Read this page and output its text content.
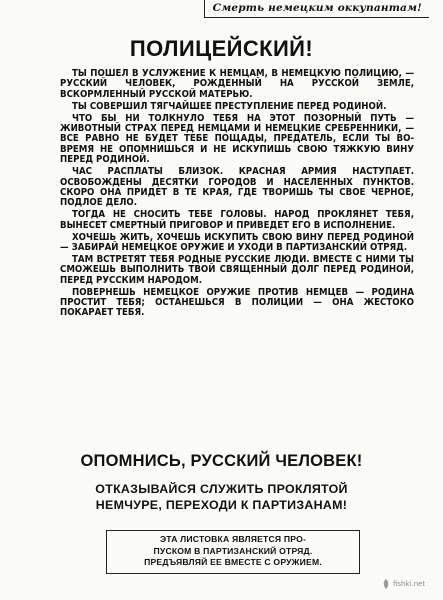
Смерть немецким оккупантам!
ПОЛИЦЕЙСКИЙ!

ТЫ ПОШЕЛ В УСЛУЖЕНИЕ К НЕМЦАМ, В НЕМЕЦКУЮ ПОЛИЦИЮ, — РУССКИЙ ЧЕЛОВЕК, РОЖДЕННЫЙ НА РУССКОЙ ЗЕМЛЕ, ВСКОРМЛЕННЫЙ РУССКОЙ МАТЕРЬЮ.

ТЫ СОВЕРШИЛ ТЯГЧАЙШЕЕ ПРЕСТУПЛЕНИЕ ПЕРЕД РОДИНОЙ.

ЧТО БЫ НИ ТОЛКНУЛО ТЕБЯ НА ЭТОТ ПОЗОРНЫЙ ПУТЬ — ЖИВОТНЫЙ СТРАХ ПЕРЕД НЕМЦАМИ И НЕМЕЦКИЕ СРЕБРЕННИКИ, — ВСЕ РАВНО НЕ БУДЕТ ТЕБЕ ПОЩАДЫ, ПРЕДАТЕЛЬ, ЕСЛИ ТЫ ВО-ВРЕМЯ НЕ ОПОМНИШЬСЯ И НЕ ИСКУПИШЬ СВОЮ ТЯЖКУЮ ВИНУ ПЕРЕД РОДИНОЙ.

ЧАС РАСПЛАТЫ БЛИЗОК. КРАСНАЯ АРМИЯ НАСТУПАЕТ. ОСВОБОЖДЕНЫ ДЕСЯТКИ ГОРОДОВ И НАСЕЛЕННЫХ ПУНКТОВ. СКОРО ОНА ПРИДЕТ В ТЕ КРАЯ, ГДЕ ТВОРИШЬ ТЫ СВОЕ ЧЕРНОЕ, ПОДЛОЕ ДЕЛО.

ТОГДА НЕ СНОСИТЬ ТЕБЕ ГОЛОВЫ. НАРОД ПРОКЛЯНЕТ ТЕБЯ, ВЫНЕСЕТ СМЕРТНЫЙ ПРИГОВОР И ПРИВЕДЕТ ЕГО В ИСПОЛНЕНИЕ.

ХОЧЕШЬ ЖИТЬ, ХОЧЕШЬ ИСКУПИТЬ СВОЮ ВИНУ ПЕРЕД РОДИНОЙ — ЗАБИРАЙ НЕМЕЦКОЕ ОРУЖИЕ И УХОДИ В ПАРТИЗАНСКИЙ ОТРЯД.

ТАМ ВСТРЕТЯТ ТЕБЯ РОДНЫЕ РУССКИЕ ЛЮДИ. ВМЕСТЕ С НИМИ ТЫ СМОЖЕШЬ ВЫПОЛНИТЬ ТВОЙ СВЯЩЕННЫЙ ДОЛГ ПЕРЕД РОДИНОЙ, ПЕРЕД РУССКИМ НАРОДОМ.

ПОВЕРНЕШЬ НЕМЕЦКОЕ ОРУЖИЕ ПРОТИВ НЕМЦЕВ — РОДИНА ПРОСТИТ ТЕБЯ; ОСТАНЕШЬСЯ В ПОЛИЦИИ — ОНА ЖЕСТОКО ПОКАРАЕТ ТЕБЯ.

ОПОМНИСЬ, РУССКИЙ ЧЕЛОВЕК!
ОТКАЗЫВАЙСЯ СЛУЖИТЬ ПРОКЛЯТОЙ
НЕМЧУРЕ, ПЕРЕХОДИ К ПАРТИЗАНАМ!
ЭТА ЛИСТОВКА ЯВЛЯЕТСЯ ПРО-
ПУСКОМ В ПАРТИЗАНСКИЙ ОТРЯД.
ПРЕДЪЯВЛЯЙ ЕЕ ВМЕСТЕ С ОРУЖИЕМ.
fishki.net
